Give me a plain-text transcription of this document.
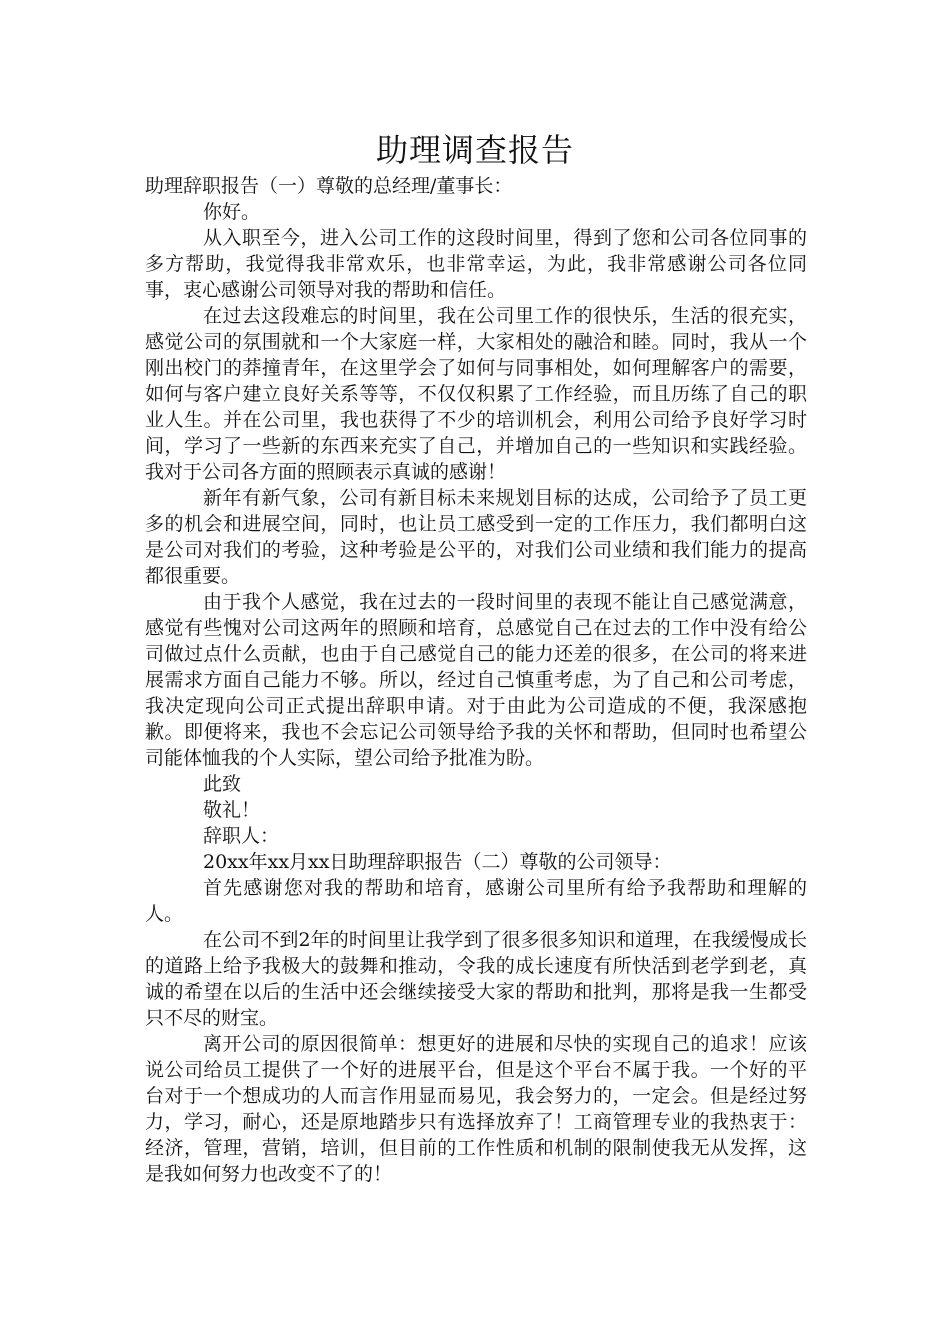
助理调查报告

助理辞职报告（一）尊敬的总经理/董事长：

你好。

从入职至今，进入公司工作的这段时间里，得到了您和公司各位同事的多方帮助，我觉得我非常欢乐，也非常幸运，为此，我非常感谢公司各位同事，衷心感谢公司领导对我的帮助和信任。

在过去这段难忘的时间里，我在公司里工作的很快乐，生活的很充实，感觉公司的氛围就和一个大家庭一样，大家相处的融洽和睦。同时，我从一个刚出校门的莽撞青年，在这里学会了如何与同事相处，如何理解客户的需要，如何与客户建立良好关系等等，不仅仅积累了工作经验，而且历练了自己的职业人生。并在公司里，我也获得了不少的培训机会，利用公司给予良好学习时间，学习了一些新的东西来充实了自己，并增加自己的一些知识和实践经验。我对于公司各方面的照顾表示真诚的感谢！

新年有新气象，公司有新目标未来规划目标的达成，公司给予了员工更多的机会和进展空间，同时，也让员工感受到一定的工作压力，我们都明白这是公司对我们的考验，这种考验是公平的，对我们公司业绩和我们能力的提高都很重要。

由于我个人感觉，我在过去的一段时间里的表现不能让自己感觉满意，感觉有些愧对公司这两年的照顾和培育，总感觉自己在过去的工作中没有给公司做过点什么贡献，也由于自己感觉自己的能力还差的很多，在公司的将来进展需求方面自己能力不够。所以，经过自己慎重考虑，为了自己和公司考虑，我决定现向公司正式提出辞职申请。对于由此为公司造成的不便，我深感抱歉。即便将来，我也不会忘记公司领导给予我的关怀和帮助，但同时也希望公司能体恤我的个人实际，望公司给予批准为盼。

此致

敬礼！

辞职人：

20xx年xx月xx日助理辞职报告（二）尊敬的公司领导：

首先感谢您对我的帮助和培育，感谢公司里所有给予我帮助和理解的人。

在公司不到2年的时间里让我学到了很多很多知识和道理，在我缓慢成长的道路上给予我极大的鼓舞和推动，令我的成长速度有所快活到老学到老，真诚的希望在以后的生活中还会继续接受大家的帮助和批判，那将是我一生都受只不尽的财宝。

离开公司的原因很简单：想更好的进展和尽快的实现自己的追求！应该说公司给员工提供了一个好的进展平台，但是这个平台不属于我。一个好的平台对于一个想成功的人而言作用显而易见，我会努力的，一定会。但是经过努力，学习，耐心，还是原地踏步只有选择放弃了！工商管理专业的我热衷于：经济，管理，营销，培训，但目前的工作性质和机制的限制使我无从发挥，这是我如何努力也改变不了的！
